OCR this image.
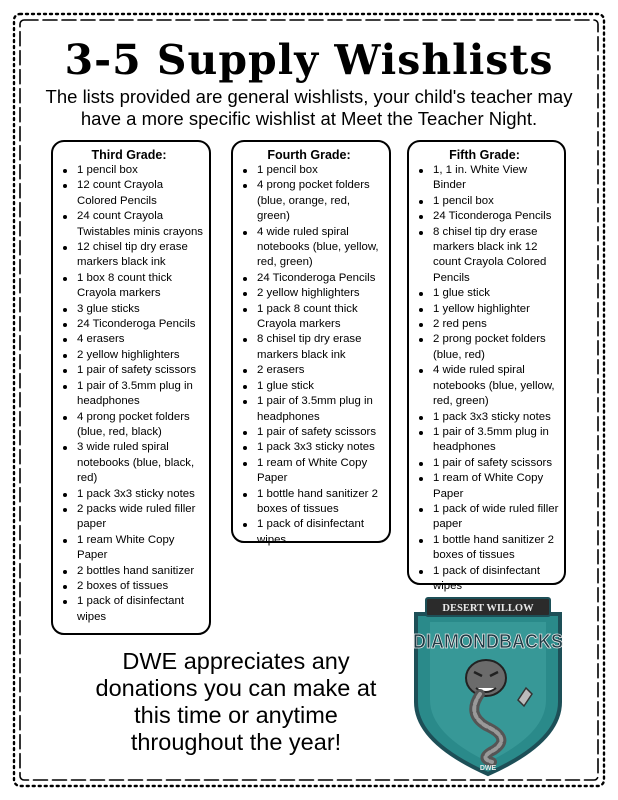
3-5 Supply Wishlists
The lists provided are general wishlists, your child's teacher may have a more specific wishlist at Meet the Teacher Night.
Third Grade:
1 pencil box
12 count Crayola Colored Pencils
24 count Crayola Twistables minis crayons
12 chisel tip dry erase markers black ink
1 box 8 count thick Crayola markers
3 glue sticks
24 Ticonderoga Pencils
4 erasers
2 yellow highlighters
1 pair of safety scissors
1 pair of 3.5mm plug in headphones
4 prong pocket folders (blue, red, black)
3 wide ruled spiral notebooks (blue, black, red)
1 pack 3x3 sticky notes
2 packs wide ruled filler paper
1 ream White Copy Paper
2 bottles hand sanitizer
2 boxes of tissues
1 pack of disinfectant wipes
Fourth Grade:
1 pencil box
4 prong pocket folders (blue, orange, red, green)
4 wide ruled spiral notebooks (blue, yellow, red, green)
24 Ticonderoga Pencils
2 yellow highlighters
1 pack 8 count thick Crayola markers
8 chisel tip dry erase markers black ink
2 erasers
1 glue stick
1 pair of 3.5mm plug in headphones
1 pair of safety scissors
1 pack 3x3 sticky notes
1 ream of White Copy Paper
1 bottle hand sanitizer 2 boxes of tissues
1 pack of disinfectant wipes
Fifth Grade:
1, 1 in. White View Binder
1 pencil box
24 Ticonderoga Pencils
8 chisel tip dry erase markers black ink 12 count Crayola Colored Pencils
1 glue stick
1 yellow highlighter
2 red pens
2 prong pocket folders (blue, red)
4 wide ruled spiral notebooks (blue, yellow, red, green)
1 pack 3x3 sticky notes
1 pair of 3.5mm plug in headphones
1 pair of safety scissors
1 ream of White Copy Paper
1 pack of wide ruled filler paper
1 bottle hand sanitizer 2 boxes of tissues
1 pack of disinfectant wipes
DWE appreciates any donations you can make at this time or anytime throughout the year!
DESERT WILLOW
DIAMONDBACKS
DWE
